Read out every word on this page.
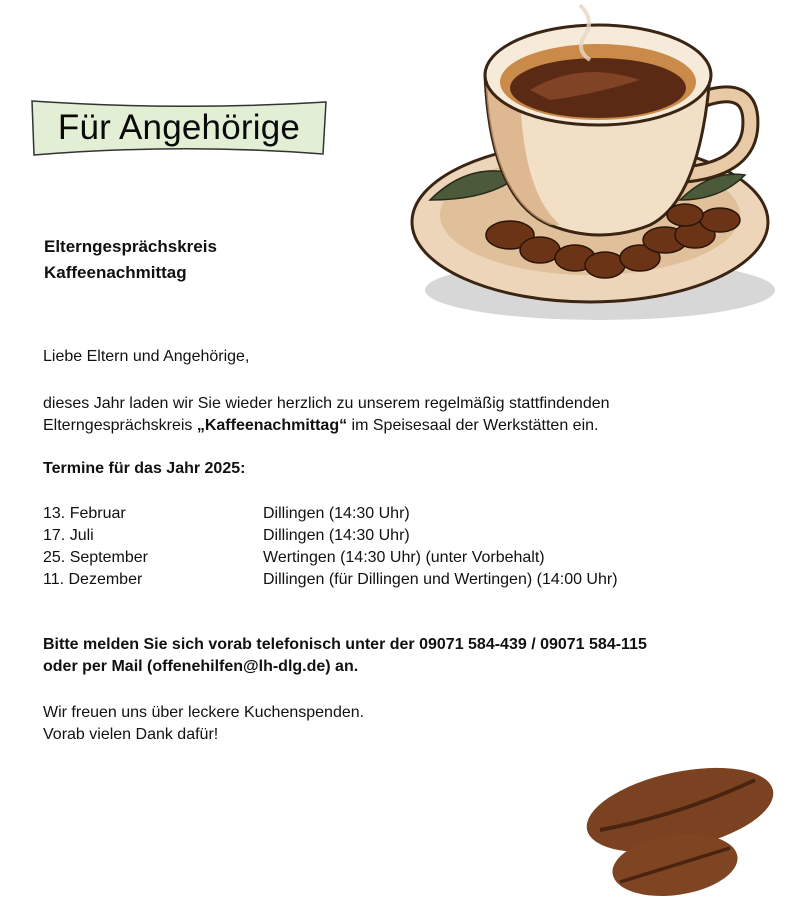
Für Angehörige
Elterngesprächskreis
Kaffeenachmittag
Liebe Eltern und Angehörige,
dieses Jahr laden wir Sie wieder herzlich zu unserem regelmäßig stattfindenden
Elterngesprächskreis „Kaffeenachmittag“ im Speisesaal der Werkstätten ein.
Termine für das Jahr 2025:
13. Februar	Dillingen (14:30 Uhr)
17. Juli	Dillingen (14:30 Uhr)
25. September	Wertingen (14:30 Uhr) (unter Vorbehalt)
11. Dezember	Dillingen (für Dillingen und Wertingen) (14:00 Uhr)
Bitte melden Sie sich vorab telefonisch unter der 09071 584-439 / 09071 584-115
oder per Mail (offenehilfen@lh-dlg.de) an.
Wir freuen uns über leckere Kuchenspenden.
Vorab vielen Dank dafür!
